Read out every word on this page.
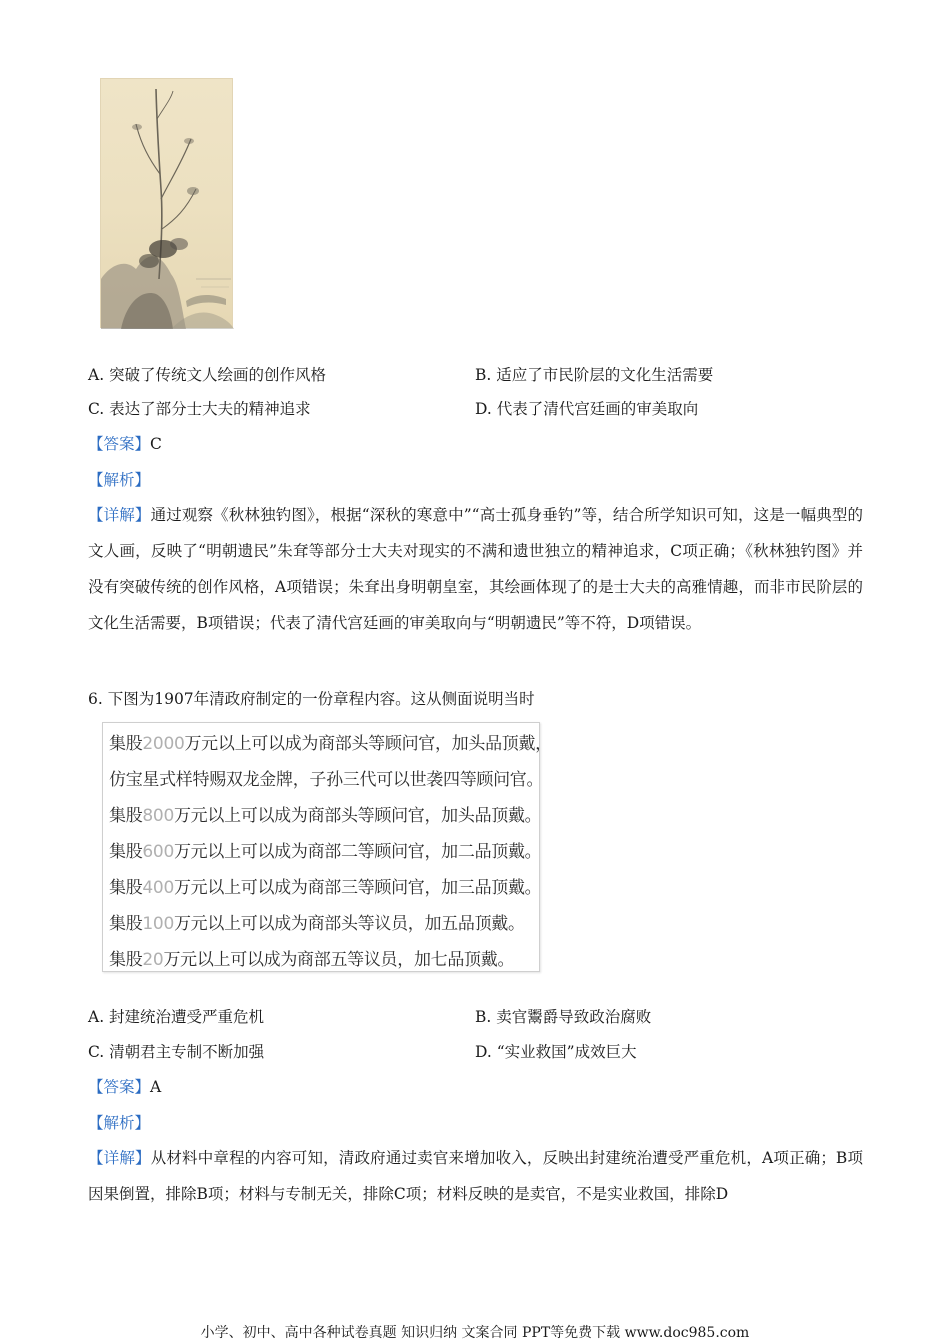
A. 突破了传统文人绘画的创作风格	B. 适应了市民阶层的文化生活需要
C. 表达了部分士大夫的精神追求	D. 代表了清代宫廷画的审美取向
【答案】C
【解析】
【详解】通过观察《秋林独钓图》，根据“深秋的寒意中”“高士孤身垂钓”等，结合所学知识可知，这是一幅典型的文人画，反映了“明朝遗民”朱耷等部分士大夫对现实的不满和遗世独立的精神追求，C项正确；《秋林独钓图》并没有突破传统的创作风格，A项错误；朱耷出身明朝皇室，其绘画体现了的是士大夫的高雅情趣，而非市民阶层的文化生活需要，B项错误；代表了清代宫廷画的审美取向与“明朝遗民”等不符，D项错误。
6. 下图为1907年清政府制定的一份章程内容。这从侧面说明当时
集股2000万元以上可以成为商部头等顾问官，加头品顶戴，
仿宝星式样特赐双龙金牌，子孙三代可以世袭四等顾问官。
集股800万元以上可以成为商部头等顾问官，加头品顶戴。
集股600万元以上可以成为商部二等顾问官，加二品顶戴。
集股400万元以上可以成为商部三等顾问官，加三品顶戴。
集股100万元以上可以成为商部头等议员，加五品顶戴。
集股20万元以上可以成为商部五等议员，加七品顶戴。
A. 封建统治遭受严重危机	B. 卖官鬻爵导致政治腐败
C. 清朝君主专制不断加强	D. “实业救国”成效巨大
【答案】A
【解析】
【详解】从材料中章程的内容可知，清政府通过卖官来增加收入，反映出封建统治遭受严重危机，A项正确；B项因果倒置，排除B项；材料与专制无关，排除C项；材料反映的是卖官，不是实业救国，排除D
小学、初中、高中各种试卷真题 知识归纳 文案合同 PPT等免费下载 www.doc985.com
